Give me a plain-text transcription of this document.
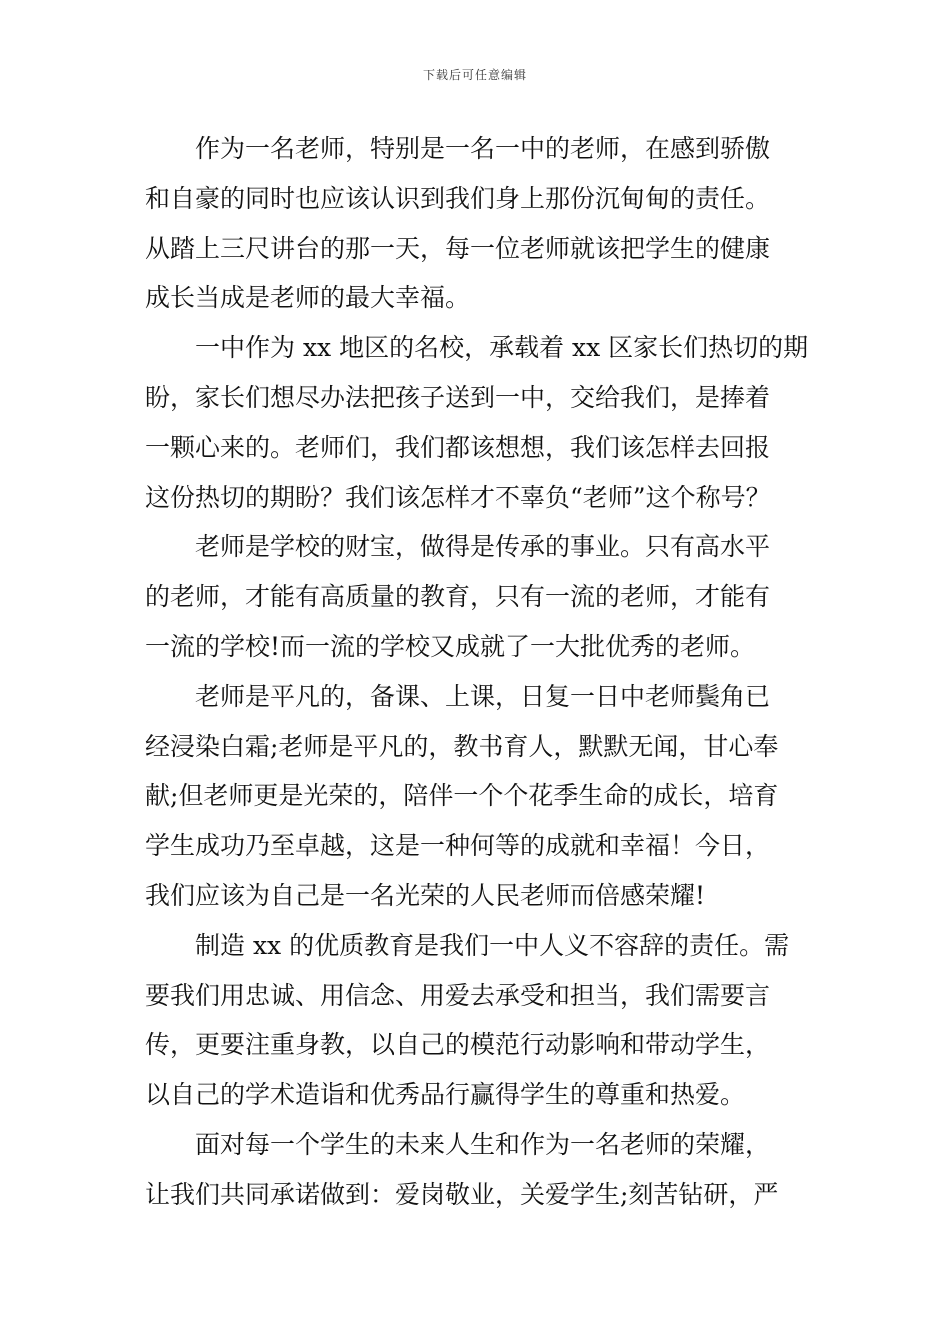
下载后可任意编辑
作为一名老师，特别是一名一中的老师，在感到骄傲
和自豪的同时也应该认识到我们身上那份沉甸甸的责任。
从踏上三尺讲台的那一天，每一位老师就该把学生的健康
成长当成是老师的最大幸福。
一中作为 xx 地区的名校，承载着 xx 区家长们热切的期
盼，家长们想尽办法把孩子送到一中，交给我们，是捧着
一颗心来的。老师们，我们都该想想，我们该怎样去回报
这份热切的期盼？我们该怎样才不辜负“老师”这个称号？
老师是学校的财宝，做得是传承的事业。只有高水平
的老师，才能有高质量的教育，只有一流的老师，才能有
一流的学校!而一流的学校又成就了一大批优秀的老师。
老师是平凡的，备课、上课，日复一日中老师鬓角已
经浸染白霜;老师是平凡的，教书育人，默默无闻，甘心奉
献;但老师更是光荣的，陪伴一个个花季生命的成长，培育
学生成功乃至卓越，这是一种何等的成就和幸福！今日，
我们应该为自己是一名光荣的人民老师而倍感荣耀!
制造 xx 的优质教育是我们一中人义不容辞的责任。需
要我们用忠诚、用信念、用爱去承受和担当，我们需要言
传，更要注重身教，以自己的模范行动影响和带动学生，
以自己的学术造诣和优秀品行赢得学生的尊重和热爱。
面对每一个学生的未来人生和作为一名老师的荣耀，
让我们共同承诺做到：爱岗敬业，关爱学生;刻苦钻研，严
